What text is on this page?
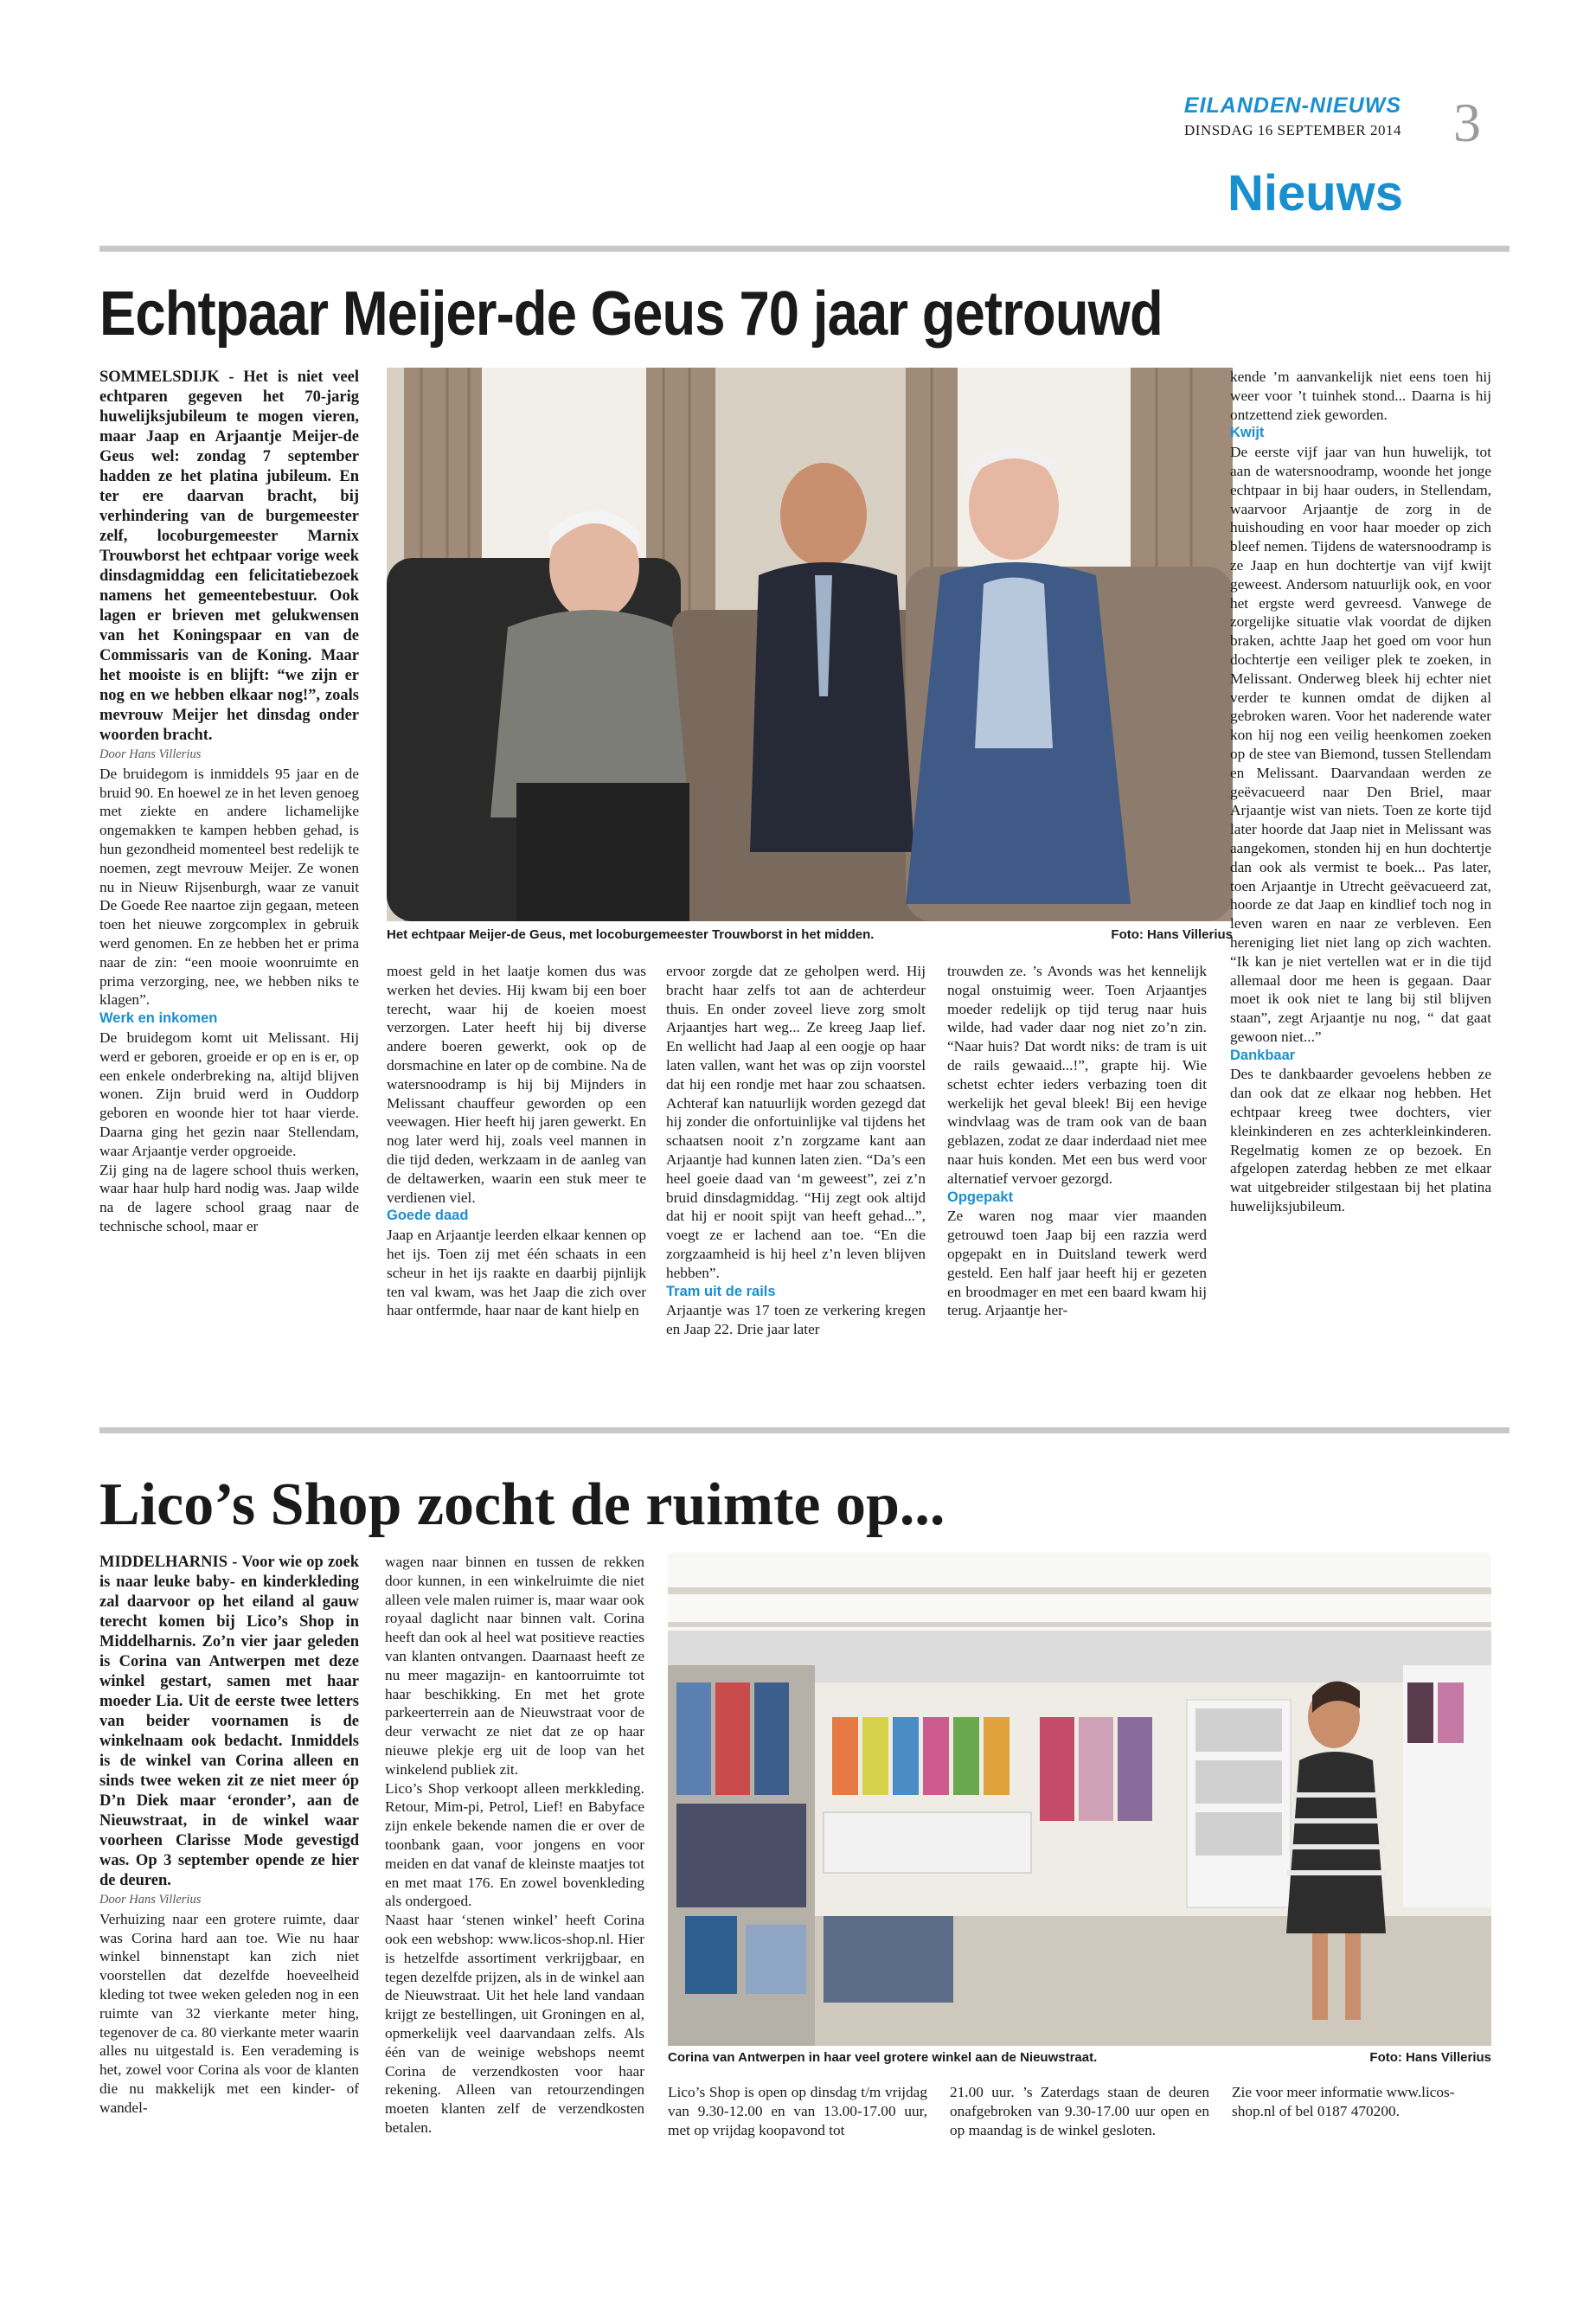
EILANDEN-NIEUWS
DINSDAG 16 SEPTEMBER 2014 3
Nieuws
Echtpaar Meijer-de Geus 70 jaar getrouwd

SOMMELSDIJK - Het is niet veel echtparen gegeven het 70-jarig huwelijksjubileum te mogen vieren, maar Jaap en Arjaantje Meijer-de Geus wel: zondag 7 september hadden ze het platina jubileum. En ter ere daarvan bracht, bij verhindering van de burgemeester zelf, locoburgemeester Marnix Trouwborst het echtpaar vorige week dinsdagmiddag een felicitatiebezoek namens het gemeentebestuur. Ook lagen er brieven met gelukwensen van het Koningspaar en van de Commissaris van de Koning. Maar het mooiste is en blijft: “we zijn er nog en we hebben elkaar nog!”, zoals mevrouw Meijer het dinsdag onder woorden bracht.

Door Hans Villerius

De bruidegom is inmiddels 95 jaar en de bruid 90. En hoewel ze in het leven genoeg met ziekte en andere lichamelijke ongemakken te kampen hebben gehad, is hun gezondheid momenteel best redelijk te noemen, zegt mevrouw Meijer. Ze wonen nu in Nieuw Rijsenburgh, waar ze vanuit De Goede Ree naartoe zijn gegaan, meteen toen het nieuwe zorgcomplex in gebruik werd genomen. En ze hebben het er prima naar de zin: “een mooie woonruimte en prima verzorging, nee, we hebben niks te klagen”.

Werk en inkomen

De bruidegom komt uit Melissant. Hij werd er geboren, groeide er op en is er, op een enkele onderbreking na, altijd blijven wonen. Zijn bruid werd in Ouddorp geboren en woonde hier tot haar vierde. Daarna ging het gezin naar Stellendam, waar Arjaantje verder opgroeide.

Zij ging na de lagere school thuis werken, waar haar hulp hard nodig was. Jaap wilde na de lagere school graag naar de technische school, maar er

Het echtpaar Meijer-de Geus, met locoburgemeester Trouwborst in het midden.	Foto: Hans Villerius

moest geld in het laatje komen dus was werken het devies. Hij kwam bij een boer terecht, waar hij de koeien moest verzorgen. Later heeft hij bij diverse andere boeren gewerkt, ook op de dorsmachine en later op de combine. Na de watersnoodramp is hij bij Mijnders in Melissant chauffeur geworden op een veewagen. Hier heeft hij jaren gewerkt. En nog later werd hij, zoals veel mannen in die tijd deden, werkzaam in de aanleg van de deltawerken, waarin een stuk meer te verdienen viel.

Goede daad

Jaap en Arjaantje leerden elkaar kennen op het ijs. Toen zij met één schaats in een scheur in het ijs raakte en daarbij pijnlijk ten val kwam, was het Jaap die zich over haar ontfermde, haar naar de kant hielp en

ervoor zorgde dat ze geholpen werd. Hij bracht haar zelfs tot aan de achterdeur thuis. En onder zoveel lieve zorg smolt Arjaantjes hart weg... Ze kreeg Jaap lief. En wellicht had Jaap al een oogje op haar laten vallen, want het was op zijn voorstel dat hij een rondje met haar zou schaatsen. Achteraf kan natuurlijk worden gezegd dat hij zonder die onfortuinlijke val tijdens het schaatsen nooit z’n zorgzame kant aan Arjaantje had kunnen laten zien. “Da’s een heel goeie daad van ‘m geweest”, zei z’n bruid dinsdagmiddag. “Hij zegt ook altijd dat hij er nooit spijt van heeft gehad...”, voegt ze er lachend aan toe. “En die zorgzaamheid is hij heel z’n leven blijven hebben”.

Tram uit de rails

Arjaantje was 17 toen ze verkering kregen en Jaap 22. Drie jaar later

trouwden ze. ’s Avonds was het kennelijk nogal onstuimig weer. Toen Arjaantjes moeder redelijk op tijd terug naar huis wilde, had vader daar nog niet zo’n zin. “Naar huis? Dat wordt niks: de tram is uit de rails gewaaid...!”, grapte hij. Wie schetst echter ieders verbazing toen dit werkelijk het geval bleek! Bij een hevige windvlaag was de tram ook van de baan geblazen, zodat ze daar inderdaad niet mee naar huis konden. Met een bus werd voor alternatief vervoer gezorgd.

Opgepakt

Ze waren nog maar vier maanden getrouwd toen Jaap bij een razzia werd opgepakt en in Duitsland tewerk werd gesteld. Een half jaar heeft hij er gezeten en broodmager en met een baard kwam hij terug. Arjaantje her-

kende ’m aanvankelijk niet eens toen hij weer voor ’t tuinhek stond... Daarna is hij ontzettend ziek geworden.

Kwijt

De eerste vijf jaar van hun huwelijk, tot aan de watersnoodramp, woonde het jonge echtpaar in bij haar ouders, in Stellendam, waarvoor Arjaantje de zorg in de huishouding en voor haar moeder op zich bleef nemen. Tijdens de watersnoodramp is ze Jaap en hun dochtertje van vijf kwijt geweest. Andersom natuurlijk ook, en voor het ergste werd gevreesd. Vanwege de zorgelijke situatie vlak voordat de dijken braken, achtte Jaap het goed om voor hun dochtertje een veiliger plek te zoeken, in Melissant. Onderweg bleek hij echter niet verder te kunnen omdat de dijken al gebroken waren. Voor het naderende water kon hij nog een veilig heenkomen zoeken op de stee van Biemond, tussen Stellendam en Melissant. Daarvandaan werden ze geëvacueerd naar Den Briel, maar Arjaantje wist van niets. Toen ze korte tijd later hoorde dat Jaap niet in Melissant was aangekomen, stonden hij en hun dochtertje dan ook als vermist te boek... Pas later, toen Arjaantje in Utrecht geëvacueerd zat, hoorde ze dat Jaap en kindlief toch nog in leven waren en naar ze verbleven. Een hereniging liet niet lang op zich wachten. “Ik kan je niet vertellen wat er in die tijd allemaal door me heen is gegaan. Daar moet ik ook niet te lang bij stil blijven staan”, zegt Arjaantje nu nog, “ dat gaat gewoon niet...”

Dankbaar

Des te dankbaarder gevoelens hebben ze dan ook dat ze elkaar nog hebben. Het echtpaar kreeg twee dochters, vier kleinkinderen en zes achterkleinkinderen. Regelmatig komen ze op bezoek. En afgelopen zaterdag hebben ze met elkaar wat uitgebreider stilgestaan bij het platina huwelijksjubileum.

Lico’s Shop zocht de ruimte op...

MIDDELHARNIS - Voor wie op zoek is naar leuke baby- en kinderkleding zal daarvoor op het eiland al gauw terecht komen bij Lico’s Shop in Middelharnis. Zo’n vier jaar geleden is Corina van Antwerpen met deze winkel gestart, samen met haar moeder Lia. Uit de eerste twee letters van beider voornamen is de winkelnaam ook bedacht. Inmiddels is de winkel van Corina alleen en sinds twee weken zit ze niet meer óp D’n Diek maar ‘eronder’, aan de Nieuwstraat, in de winkel waar voorheen Clarisse Mode gevestigd was. Op 3 september opende ze hier de deuren.

Door Hans Villerius

Verhuizing naar een grotere ruimte, daar was Corina hard aan toe. Wie nu haar winkel binnenstapt kan zich niet voorstellen dat dezelfde hoeveelheid kleding tot twee weken geleden nog in een ruimte van 32 vierkante meter hing, tegenover de ca. 80 vierkante meter waarin alles nu uitgestald is. Een verademing is het, zowel voor Corina als voor de klanten die nu makkelijk met een kinder- of wandel-

wagen naar binnen en tussen de rekken door kunnen, in een winkelruimte die niet alleen vele malen ruimer is, maar waar ook royaal daglicht naar binnen valt. Corina heeft dan ook al heel wat positieve reacties van klanten ontvangen. Daarnaast heeft ze nu meer magazijn- en kantoorruimte tot haar beschikking. En met het grote parkeerterrein aan de Nieuwstraat voor de deur verwacht ze niet dat ze op haar nieuwe plekje erg uit de loop van het winkelend publiek zit.

Lico’s Shop verkoopt alleen merkkleding. Retour, Mim-pi, Petrol, Lief! en Babyface zijn enkele bekende namen die er over de toonbank gaan, voor jongens en voor meiden en dat vanaf de kleinste maatjes tot en met maat 176. En zowel bovenkleding als ondergoed.

Naast haar ‘stenen winkel’ heeft Corina ook een webshop: www.licos-shop.nl. Hier is hetzelfde assortiment verkrijgbaar, en tegen dezelfde prijzen, als in de winkel aan de Nieuwstraat. Uit het hele land vandaan krijgt ze bestellingen, uit Groningen en al, opmerkelijk veel daarvandaan zelfs. Als één van de weinige webshops neemt Corina de verzendkosten voor haar rekening. Alleen van retourzendingen moeten klanten zelf de verzendkosten betalen.

Corina van Antwerpen in haar veel grotere winkel aan de Nieuwstraat.	Foto: Hans Villerius

Lico’s Shop is open op dinsdag t/m vrijdag van 9.30-12.00 en van 13.00-17.00 uur, met op vrijdag koopavond tot

21.00 uur. ’s Zaterdags staan de deuren onafgebroken van 9.30-17.00 uur open en op maandag is de winkel gesloten.

Zie voor meer informatie www.licos-shop.nl of bel 0187 470200.
